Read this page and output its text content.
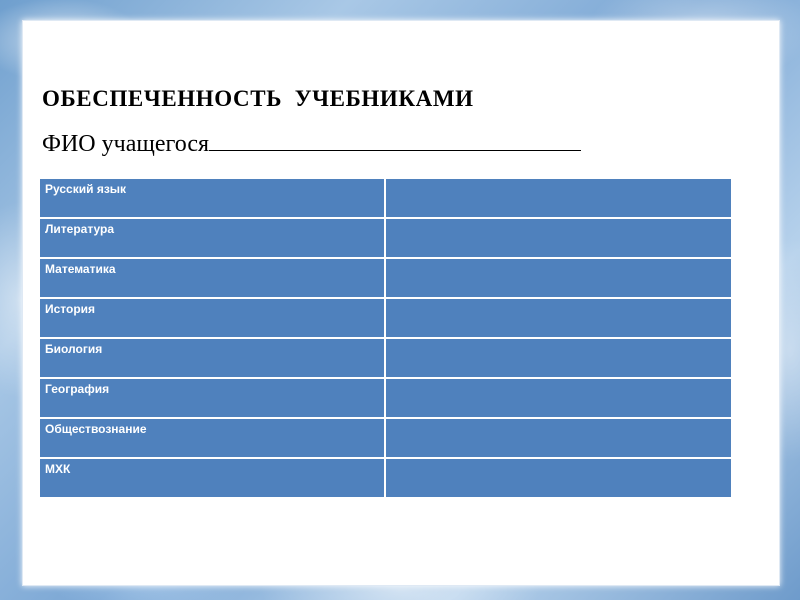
ОБЕСПЕЧЕННОСТЬ  УЧЕБНИКАМИ
ФИО учащегося
Русский язык
Литература
Математика
История
Биология
География
Обществознание
МХК
